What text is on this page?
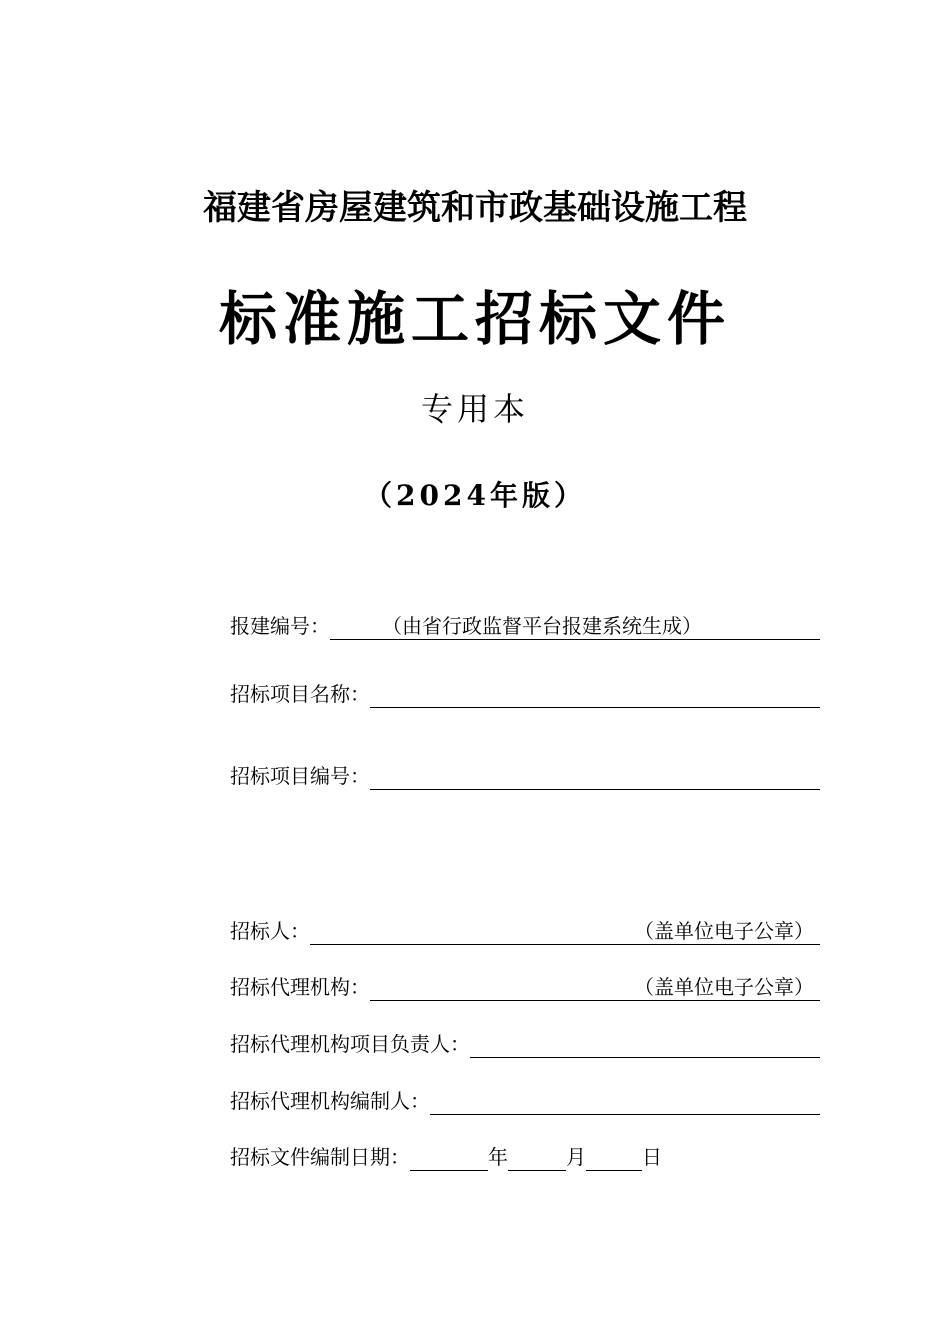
福建省房屋建筑和市政基础设施工程
标准施工招标文件
专用本
（2024年版）
报建编号：	（由省行政监督平台报建系统生成）
招标项目名称：
招标项目编号：
招标人：	（盖单位电子公章）
招标代理机构：	（盖单位电子公章）
招标代理机构项目负责人：
招标代理机构编制人：
招标文件编制日期：	年	月	日
